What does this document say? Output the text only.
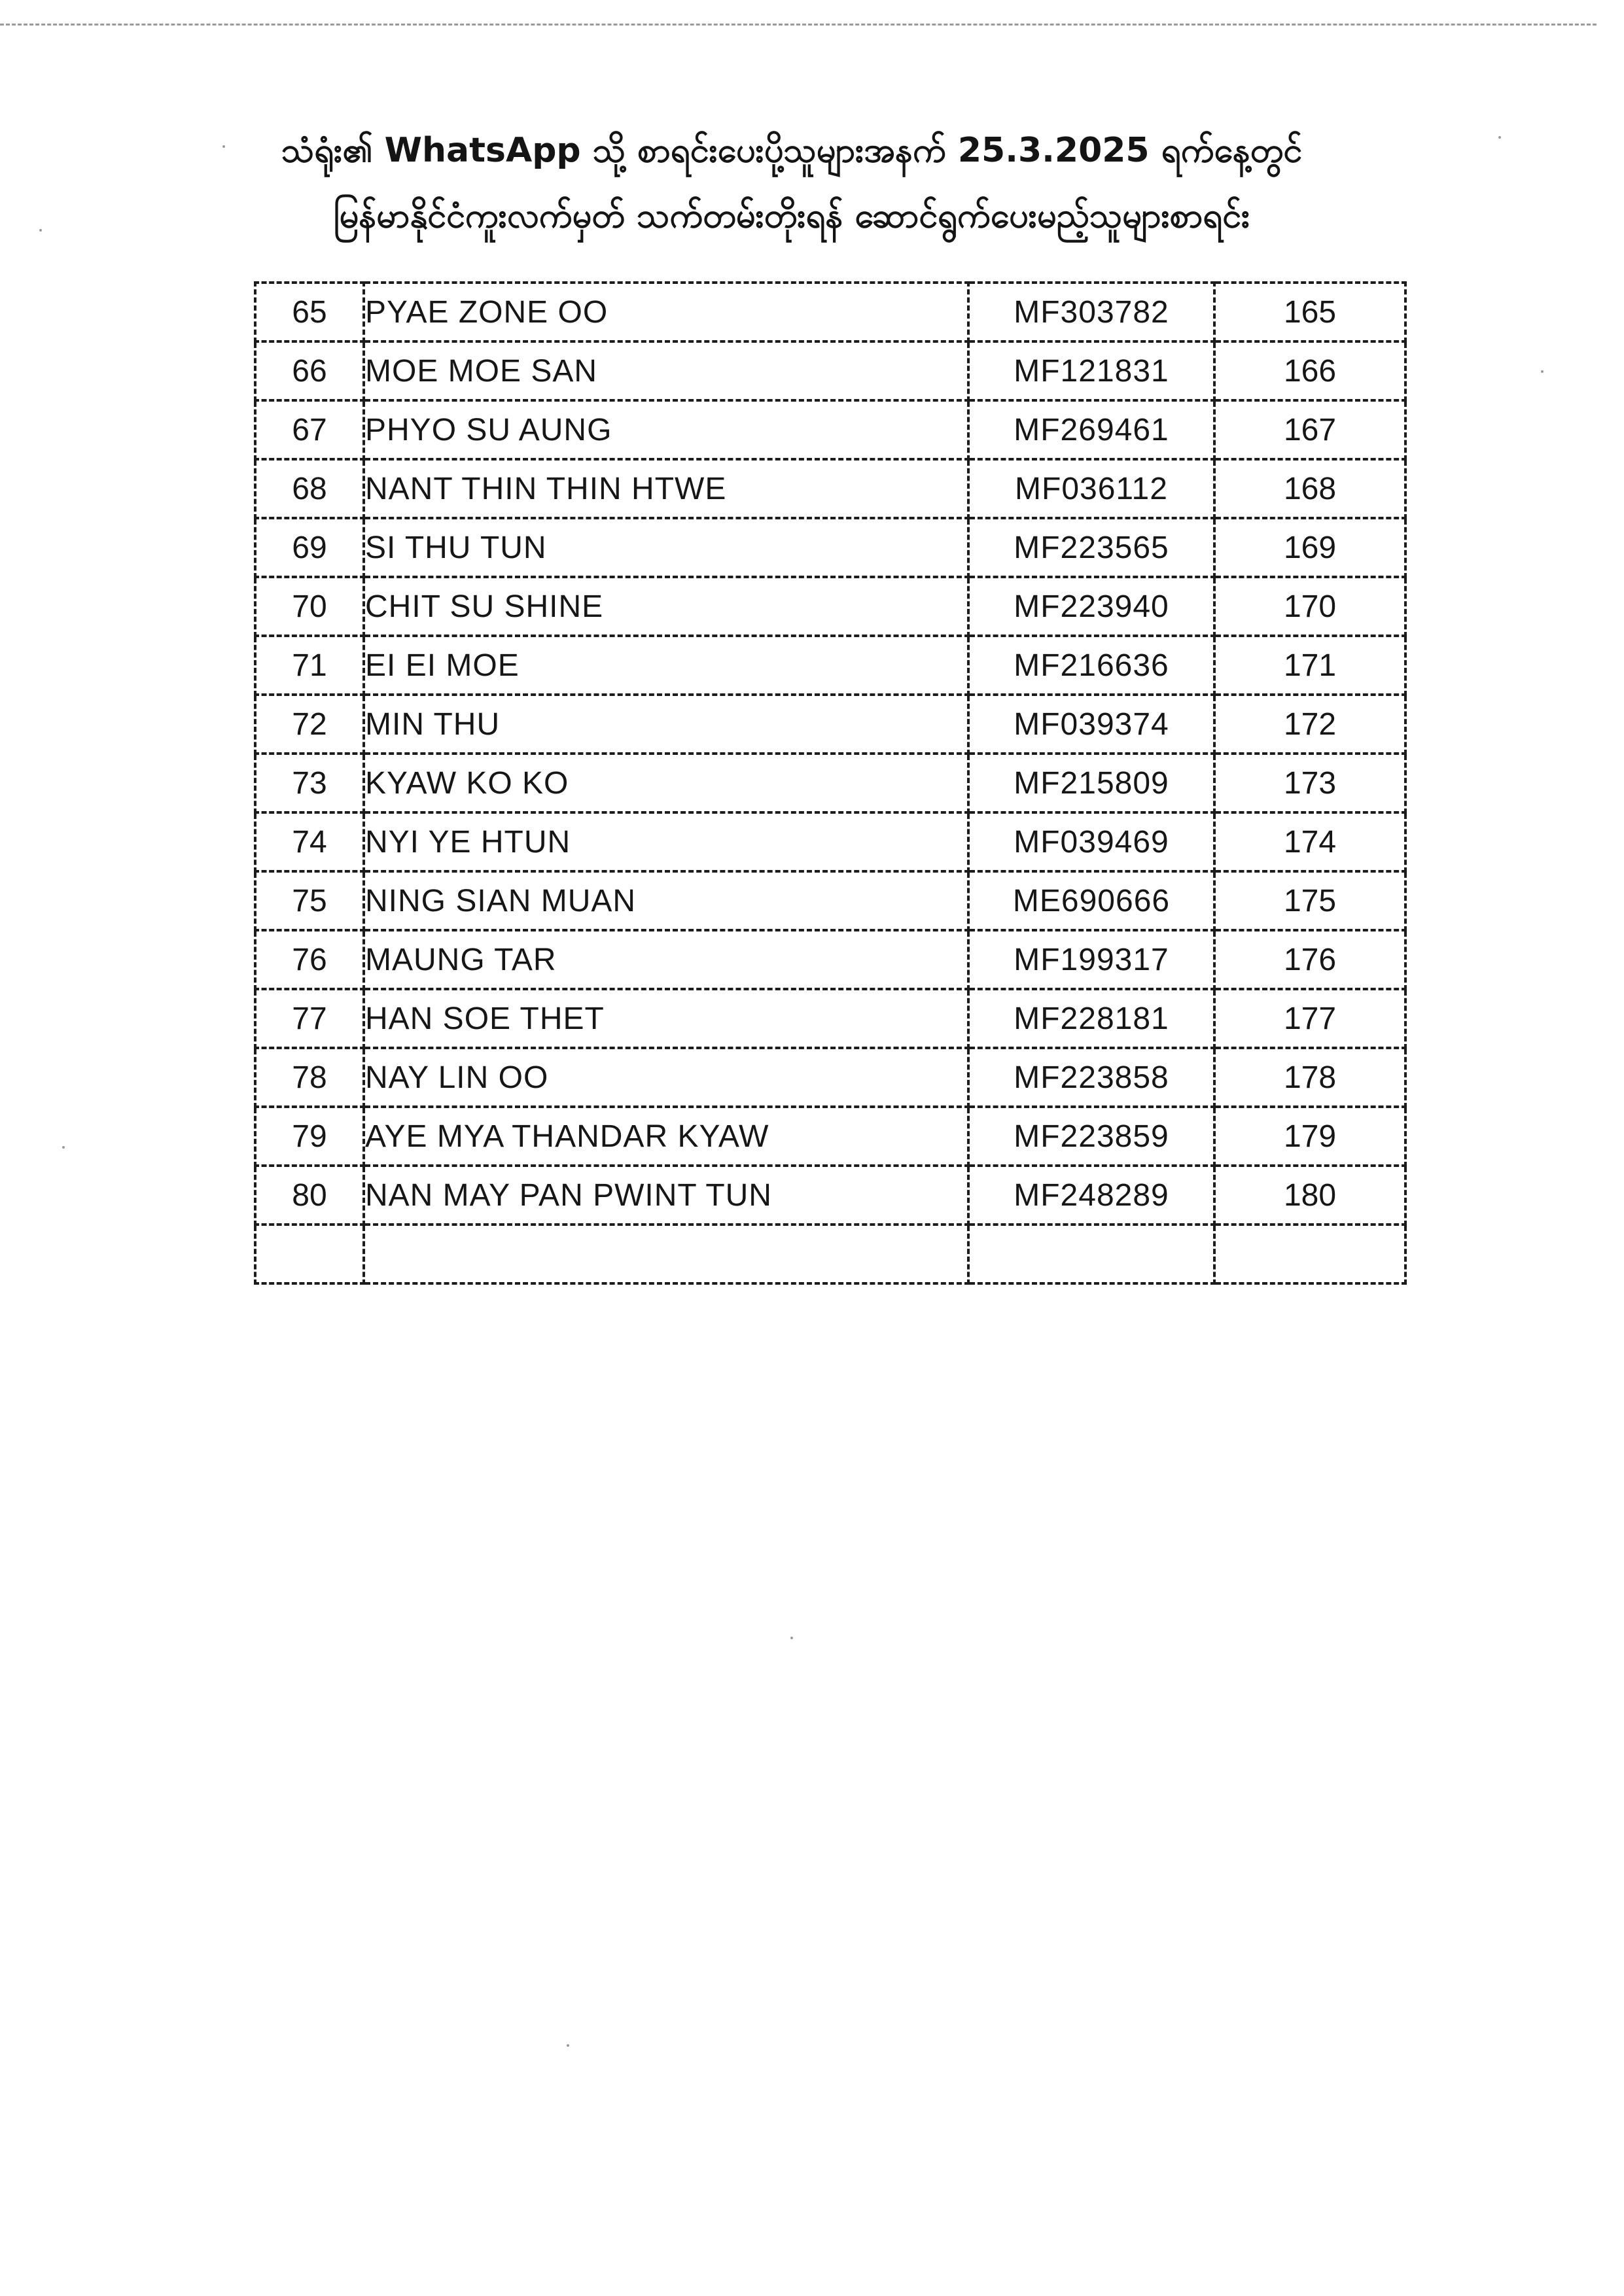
သံရုံး၏ WhatsApp သို့ စာရင်းပေးပို့သူများအနက် 25.3.2025 ရက်နေ့တွင်
မြန်မာနိုင်ငံကူးလက်မှတ် သက်တမ်းတိုးရန် ဆောင်ရွက်ပေးမည့်သူများစာရင်း
65	PYAE ZONE OO	MF303782	165
66	MOE MOE SAN	MF121831	166
67	PHYO SU AUNG	MF269461	167
68	NANT THIN THIN HTWE	MF036112	168
69	SI THU TUN	MF223565	169
70	CHIT SU SHINE	MF223940	170
71	EI EI MOE	MF216636	171
72	MIN THU	MF039374	172
73	KYAW KO KO	MF215809	173
74	NYI YE HTUN	MF039469	174
75	NING SIAN MUAN	ME690666	175
76	MAUNG TAR	MF199317	176
77	HAN SOE THET	MF228181	177
78	NAY LIN OO	MF223858	178
79	AYE MYA THANDAR KYAW	MF223859	179
80	NAN MAY PAN PWINT TUN	MF248289	180
